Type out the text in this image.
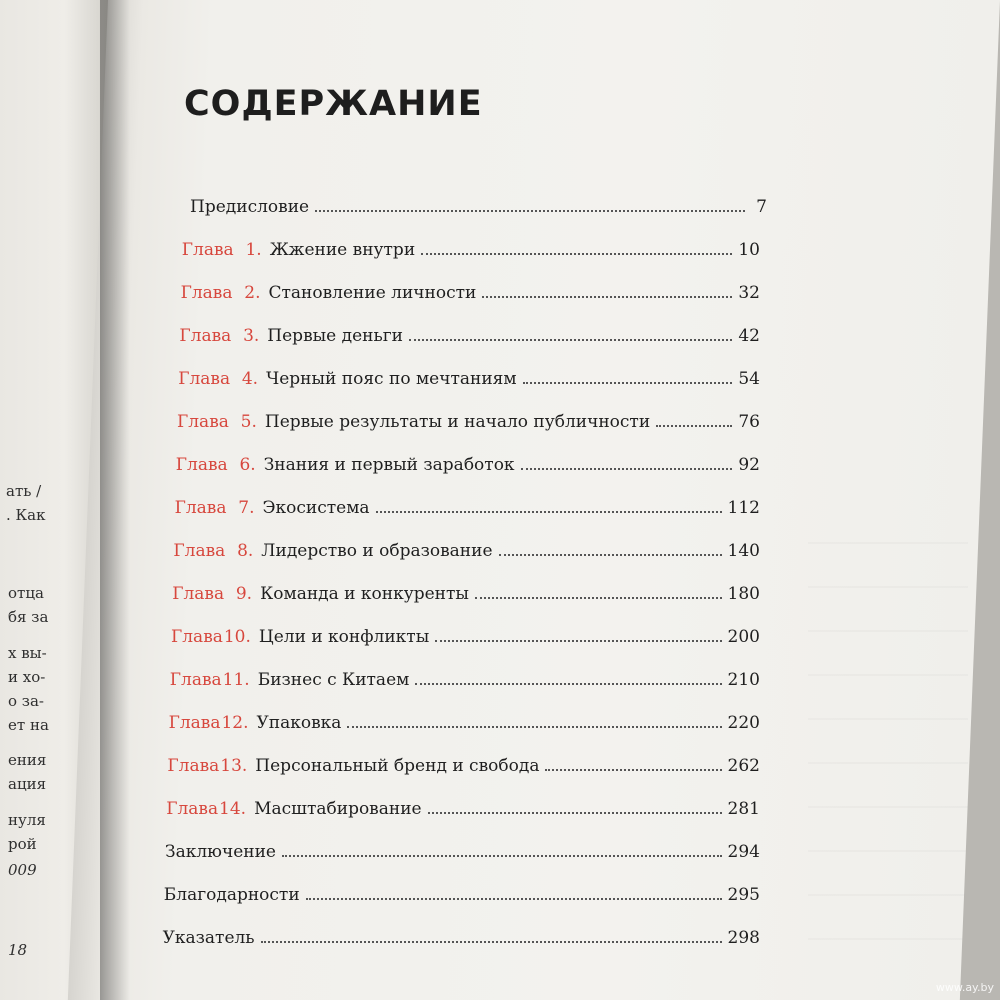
ать /
. Как
отца
бя за
х вы-
и хо-
о за-
ет на
ения
ация
нуля
рой
009
18
СОДЕРЖАНИЕ
Предисловие	7
Глава 1. Жжение внутри	10
Глава 2. Становление личности	32
Глава 3. Первые деньги	42
Глава 4. Черный пояс по мечтаниям	54
Глава 5. Первые результаты и начало публичности	76
Глава 6. Знания и первый заработок	92
Глава 7. Экосистема	112
Глава 8. Лидерство и образование	140
Глава 9. Команда и конкуренты	180
Глава10. Цели и конфликты	200
Глава11. Бизнес с Китаем	210
Глава12. Упаковка	220
Глава13. Персональный бренд и свобода	262
Глава14. Масштабирование	281
Заключение	294
Благодарности	295
Указатель	298
www.ay.by
